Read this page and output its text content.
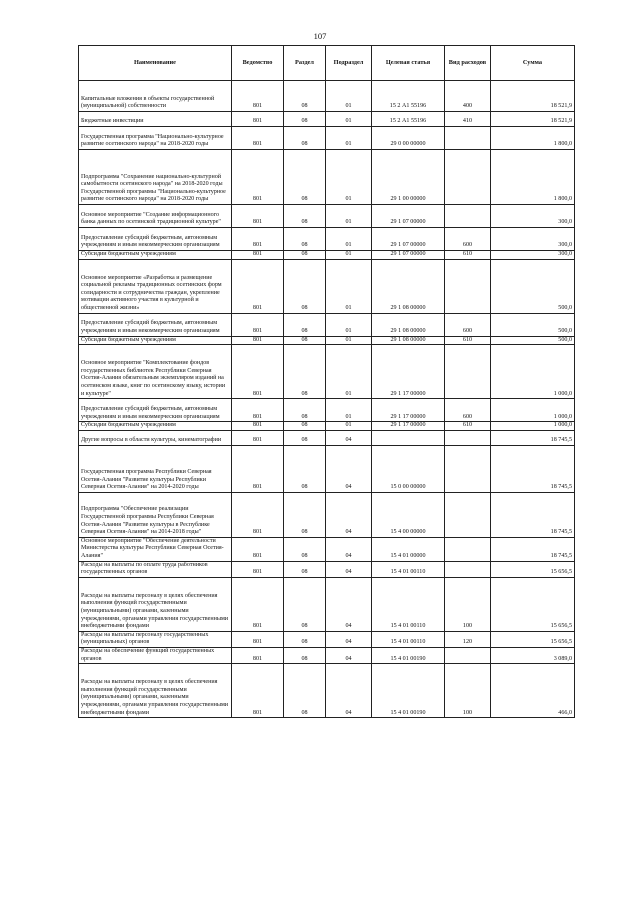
107
Наименование	Ведомство	Раздел	Подраздел	Целевая статья	Вид расходов	Сумма
Капитальные вложения в объекты государственной (муниципальной) собственности	801	08	01	15 2 А1 55196	400	18 521,9
Бюджетные инвестиции	801	08	01	15 2 А1 55196	410	18 521,9
Государственная программа "Национально-культурное развитие осетинского народа" на 2018-2020 годы	801	08	01	29 0 00 00000		1 800,0
Подпрограмма "Сохранение национально-культурной самобытности осетинского народа" на 2018-2020 годы Государственной программы "Национально-культурное развитие осетинского народа" на 2018-2020 годы	801	08	01	29 1 00 00000		1 800,0
Основное мероприятие "Создание информационного банка данных по осетинской традиционной культуре"	801	08	01	29 1 07 00000		300,0
Предоставление субсидий бюджетным, автономным учреждениям и иным некоммерческим организациям	801	08	01	29 1 07 00000	600	300,0
Субсидии бюджетным учреждениям	801	08	01	29 1 07 00000	610	300,0
Основное мероприятие «Разработка и размещение социальной рекламы традиционных осетинских форм солидарности и сотрудничества граждан, укрепление мотивации активного участия в культурной и общественной жизни»	801	08	01	29 1 08 00000		500,0
Предоставление субсидий бюджетным, автономным учреждениям и иным некоммерческим организациям	801	08	01	29 1 08 00000	600	500,0
Субсидии бюджетным учреждениям	801	08	01	29 1 08 00000	610	500,0
Основное мероприятие "Комплектование фондов государственных библиотек Республики Северная Осетия-Алания обязательным экземпляром изданий на осетинском языке, книг по осетинскому языку, истории и культуре"	801	08	01	29 1 17 00000		1 000,0
Предоставление субсидий бюджетным, автономным учреждениям и иным некоммерческим организациям	801	08	01	29 1 17 00000	600	1 000,0
Субсидии бюджетным учреждениям	801	08	01	29 1 17 00000	610	1 000,0
Другие вопросы в области культуры, кинематографии	801	08	04			18 745,5
Государственная программа Республики Северная Осетия-Алания "Развитие культуры Республики Северная Осетия-Алания" на 2014-2020 годы	801	08	04	15 0 00 00000		18 745,5
Подпрограмма "Обеспечение реализации Государственной программы Республики Северная Осетия-Алания "Развитие культуры в Республике Северная Осетия-Алания" на 2014-2018 годы"	801	08	04	15 4 00 00000		18 745,5
Основное мероприятие "Обеспечение деятельности Министерства культуры Республики Северная Осетия-Алания"	801	08	04	15 4 01 00000		18 745,5
Расходы на выплаты по оплате труда работников государственных органов	801	08	04	15 4 01 00110		15 656,5
Расходы на выплаты персоналу в целях обеспечения выполнения функций государственными (муниципальными) органами, казенными учреждениями, органами управления государственными внебюджетными фондами	801	08	04	15 4 01 00110	100	15 656,5
Расходы на выплаты персоналу государственных (муниципальных) органов	801	08	04	15 4 01 00110	120	15 656,5
Расходы на обеспечение функций государственных органов	801	08	04	15 4 01 00190		3 089,0
Расходы на выплаты персоналу в целях обеспечения выполнения функций государственными (муниципальными) органами, казенными учреждениями, органами управления государственными внебюджетными фондами	801	08	04	15 4 01 00190	100	466,0
